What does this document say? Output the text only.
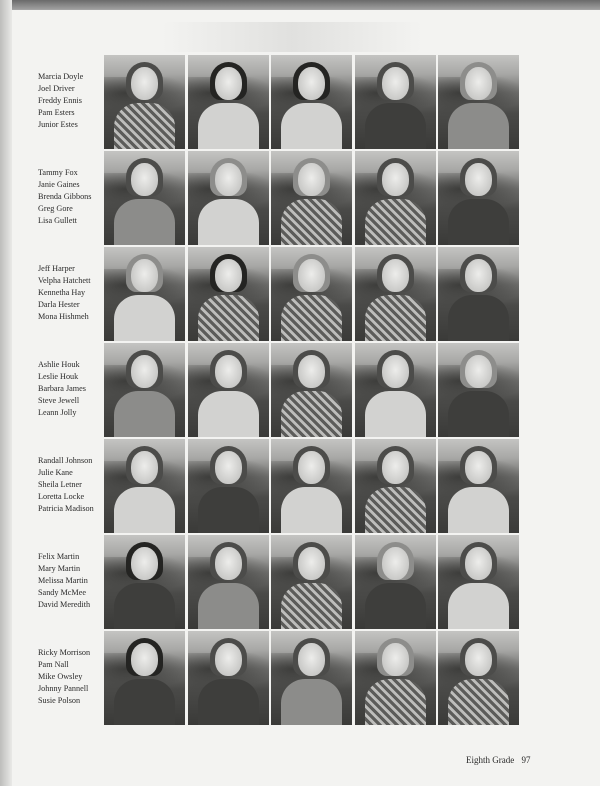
Marcia Doyle
Joel Driver
Freddy Ennis
Pam Esters
Junior Estes
Tammy Fox
Janie Gaines
Brenda Gibbons
Greg Gore
Lisa Gullett
Jeff Harper
Velpha Hatchett
Kennetha Hay
Darla Hester
Mona Hishmeh
Ashlie Houk
Leslie Houk
Barbara James
Steve Jewell
Leann Jolly
Randall Johnson
Julie Kane
Sheila Letner
Loretta Locke
Patricia Madison
Felix Martin
Mary Martin
Melissa Martin
Sandy McMee
David Meredith
Ricky Morrison
Pam Nall
Mike Owsley
Johnny Pannell
Susie Polson
Eighth Grade 97
